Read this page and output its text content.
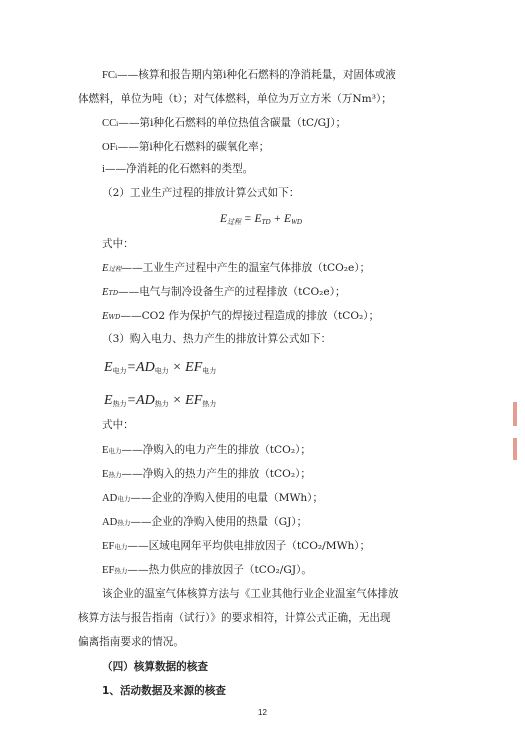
FCi——核算和报告期内第i种化石燃料的净消耗量，对固体或液
体燃料，单位为吨（t）；对气体燃料，单位为万立方米（万Nm³）；
CCi——第i种化石燃料的单位热值含碳量（tC/GJ）；
OFi——第i种化石燃料的碳氧化率；
i——净消耗的化石燃料的类型。
（2）工业生产过程的排放计算公式如下：
E过程 = ETD + EWD
式中：
E过程——工业生产过程中产生的温室气体排放（tCO₂e）；
ETD——电气与制冷设备生产的过程排放（tCO₂e）；
EWD——CO2 作为保护气的焊接过程造成的排放（tCO₂）；
（3）购入电力、热力产生的排放计算公式如下：
E电力=AD电力 × EF电力
E热力=AD热力 × EF热力
式中：
E电力——净购入的电力产生的排放（tCO₂）；
E热力——净购入的热力产生的排放（tCO₂）；
AD电力——企业的净购入使用的电量（MWh）；
AD热力——企业的净购入使用的热量（GJ）；
EF电力——区域电网年平均供电排放因子（tCO₂/MWh）；
EF热力——热力供应的排放因子（tCO₂/GJ）。
该企业的温室气体核算方法与《工业其他行业企业温室气体排放
核算方法与报告指南（试行）》的要求相符，计算公式正确，无出现
偏离指南要求的情况。
（四）核算数据的核查
1、活动数据及来源的核查
12
